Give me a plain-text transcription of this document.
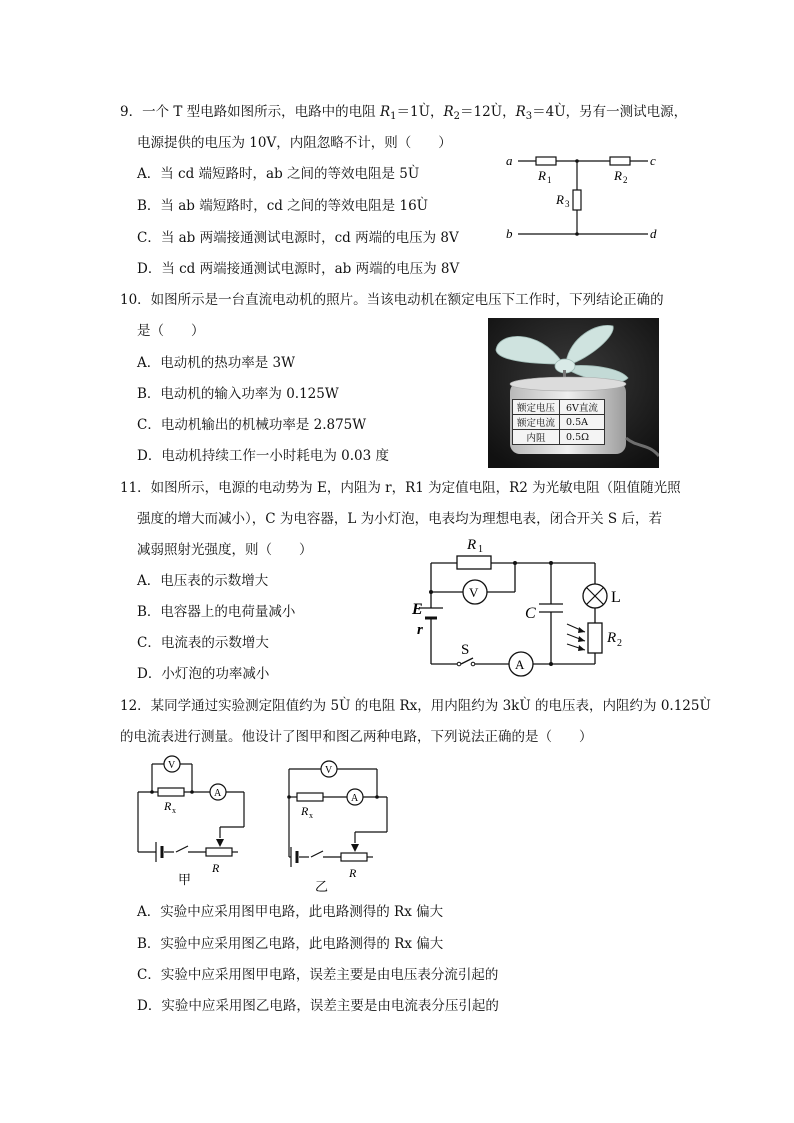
9．一个 T 型电路如图所示，电路中的电阻 $R_1=1Ù$，$R_2=12Ù$，$R_3=4Ù$，另有一测试电源，
电源提供的电压为 10V，内阻忽略不计，则（　　）
A．当 cd 端短路时，ab 之间的等效电阻是 5Ù
B．当 ab 端短路时，cd 之间的等效电阻是 16Ù
C．当 ab 两端接通测试电源时，cd 两端的电压为 8V
D．当 cd 两端接通测试电源时，ab 两端的电压为 8V
a	c
b	d
R 1	R 2
R 3
10．如图所示是一台直流电动机的照片。当该电动机在额定电压下工作时，下列结论正确的
是（　　）
A．电动机的热功率是 3W
B．电动机的输入功率为 0.125W
C．电动机输出的机械功率是 2.875W
D．电动机持续工作一小时耗电为 0.03 度
额定电压	6V直流
额定电流	0.5A
内阻	0.5Ω
11．如图所示，电源的电动势为 E，内阻为 r，R1 为定值电阻，R2 为光敏电阻（阻值随光照
强度的增大而减小），C 为电容器，L 为小灯泡，电表均为理想电表，闭合开关 S 后，若
减弱照射光强度，则（　　）
A．电压表的示数增大
B．电容器上的电荷量减小
C．电流表的示数增大
D．小灯泡的功率减小
V
A
R 1
E
r
C
L
R 2
S
12．某同学通过实验测定阻值约为 5Ù 的电阻 Rx，用内阻约为 3kÙ 的电压表，内阻约为 0.125Ù
的电流表进行测量。他设计了图甲和图乙两种电路，下列说法正确的是（　　）
V
A
R x
R
甲
V
A
R x
R
乙
A．实验中应采用图甲电路，此电路测得的 Rx 偏大
B．实验中应采用图乙电路，此电路测得的 Rx 偏大
C．实验中应采用图甲电路，误差主要是由电压表分流引起的
D．实验中应采用图乙电路，误差主要是由电流表分压引起的
